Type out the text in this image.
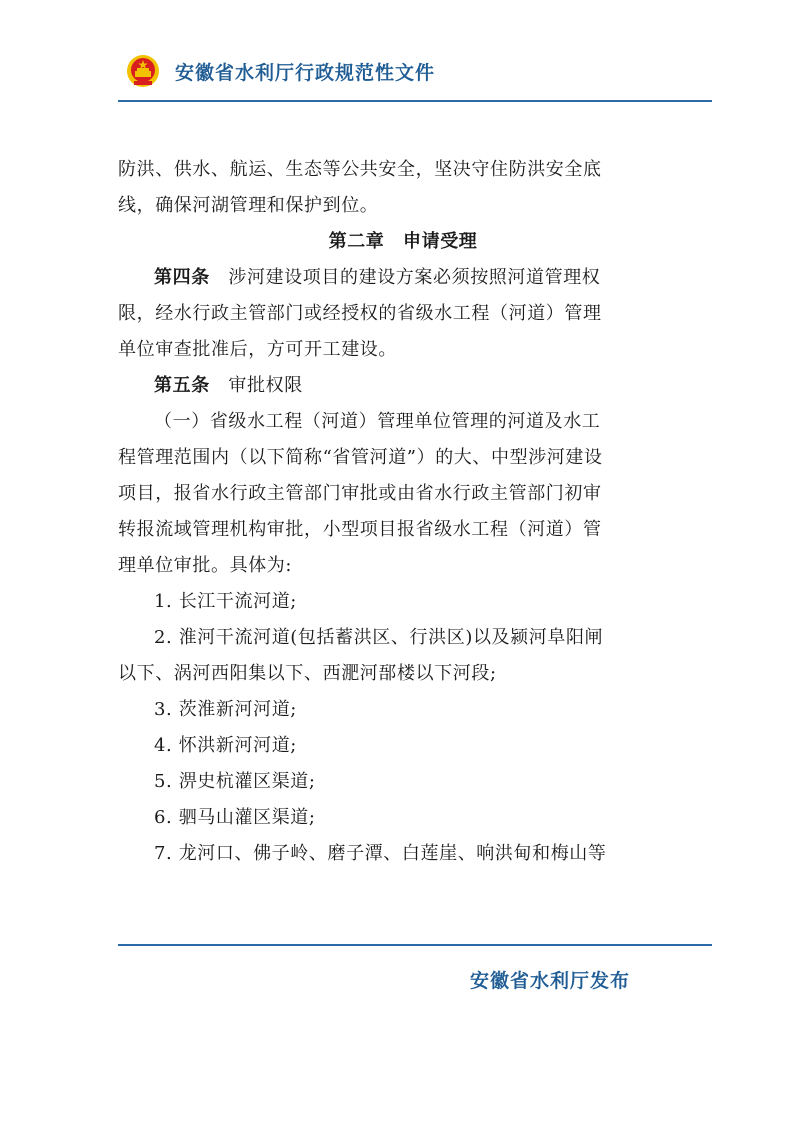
安徽省水利厅行政规范性文件

防洪、供水、航运、生态等公共安全，坚决守住防洪安全底
线，确保河湖管理和保护到位。

第二章　申请受理

第四条　涉河建设项目的建设方案必须按照河道管理权
限，经水行政主管部门或经授权的省级水工程（河道）管理
单位审查批准后，方可开工建设。

第五条　审批权限

（一）省级水工程（河道）管理单位管理的河道及水工
程管理范围内（以下简称“省管河道”）的大、中型涉河建设
项目，报省水行政主管部门审批或由省水行政主管部门初审
转报流域管理机构审批，小型项目报省级水工程（河道）管
理单位审批。具体为:

1. 长江干流河道;

2. 淮河干流河道(包括蓄洪区、行洪区)以及颍河阜阳闸
以下、涡河西阳集以下、西淝河郚楼以下河段;

3. 茨淮新河河道;

4. 怀洪新河河道;

5. 淠史杭灌区渠道;

6. 驷马山灌区渠道;

7. 龙河口、佛子岭、磨子潭、白莲崖、响洪甸和梅山等

安徽省水利厅发布
